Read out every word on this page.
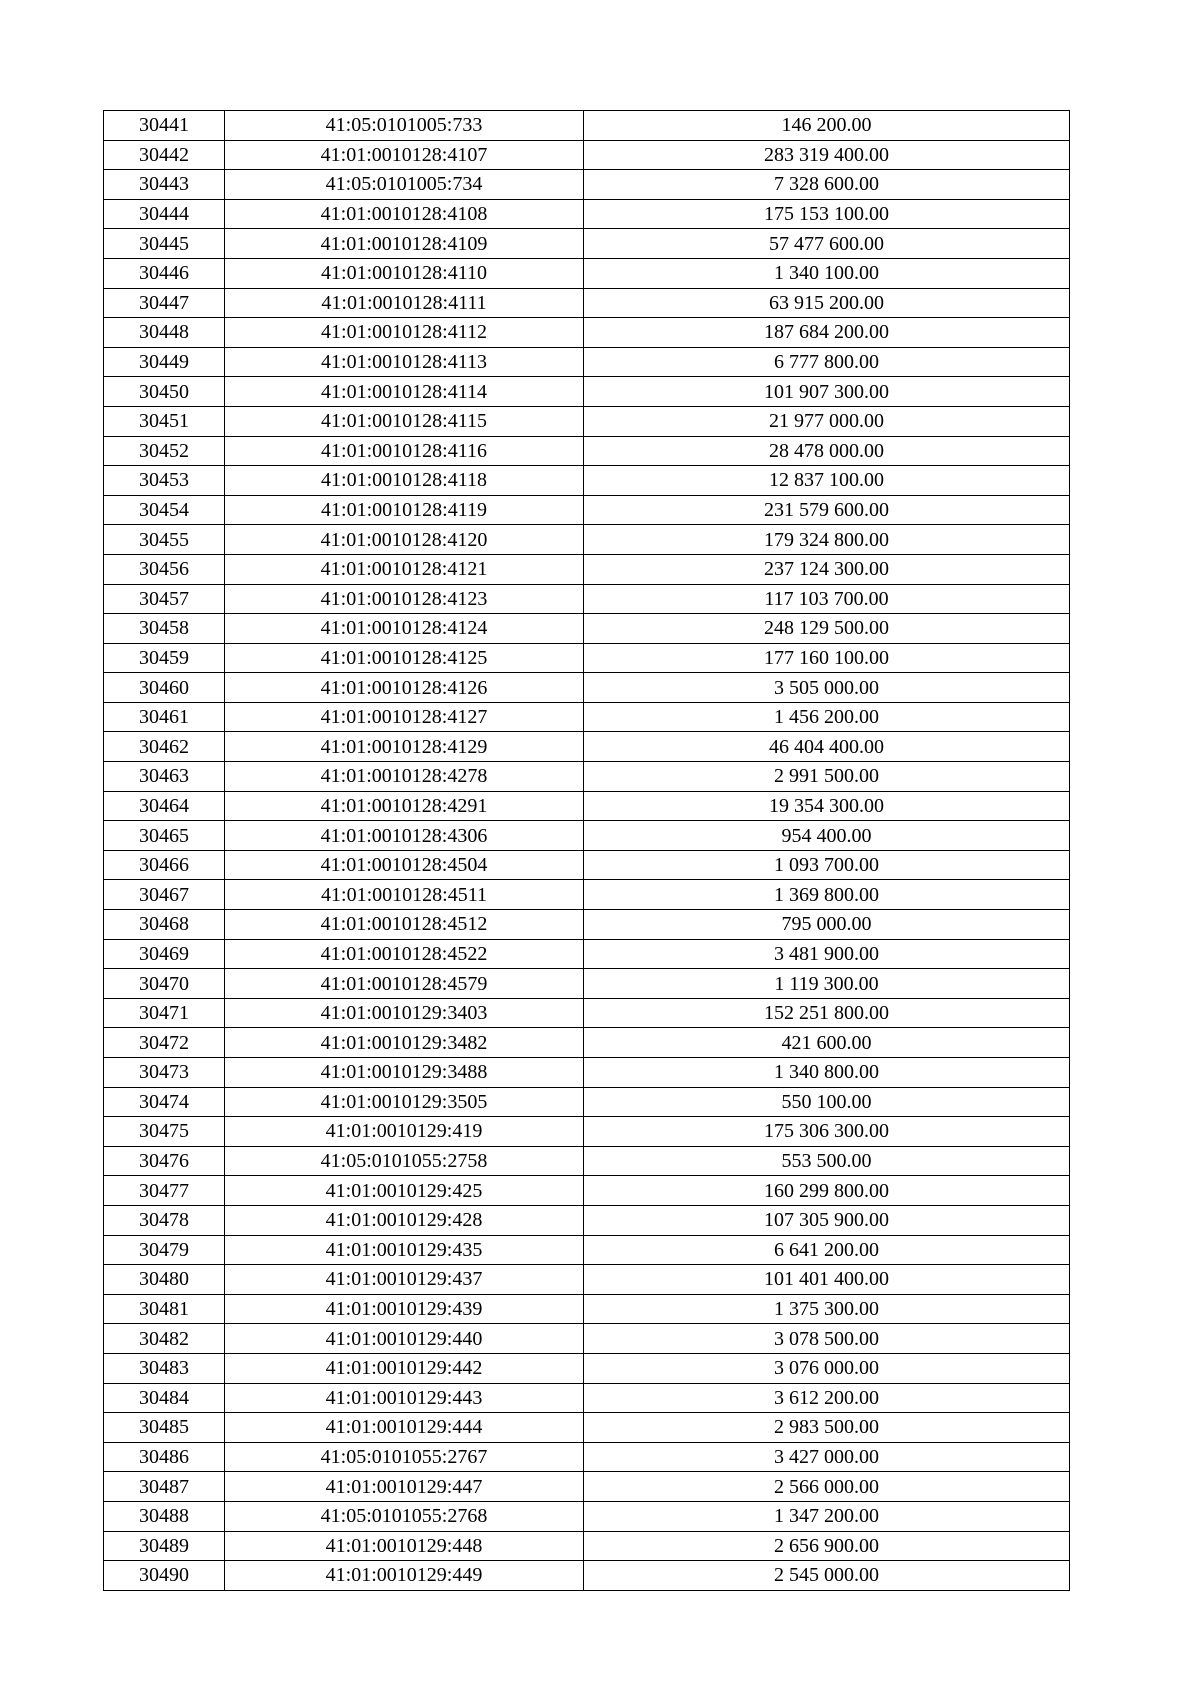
30441	41:05:0101005:733	146 200.00
30442	41:01:0010128:4107	283 319 400.00
30443	41:05:0101005:734	7 328 600.00
30444	41:01:0010128:4108	175 153 100.00
30445	41:01:0010128:4109	57 477 600.00
30446	41:01:0010128:4110	1 340 100.00
30447	41:01:0010128:4111	63 915 200.00
30448	41:01:0010128:4112	187 684 200.00
30449	41:01:0010128:4113	6 777 800.00
30450	41:01:0010128:4114	101 907 300.00
30451	41:01:0010128:4115	21 977 000.00
30452	41:01:0010128:4116	28 478 000.00
30453	41:01:0010128:4118	12 837 100.00
30454	41:01:0010128:4119	231 579 600.00
30455	41:01:0010128:4120	179 324 800.00
30456	41:01:0010128:4121	237 124 300.00
30457	41:01:0010128:4123	117 103 700.00
30458	41:01:0010128:4124	248 129 500.00
30459	41:01:0010128:4125	177 160 100.00
30460	41:01:0010128:4126	3 505 000.00
30461	41:01:0010128:4127	1 456 200.00
30462	41:01:0010128:4129	46 404 400.00
30463	41:01:0010128:4278	2 991 500.00
30464	41:01:0010128:4291	19 354 300.00
30465	41:01:0010128:4306	954 400.00
30466	41:01:0010128:4504	1 093 700.00
30467	41:01:0010128:4511	1 369 800.00
30468	41:01:0010128:4512	795 000.00
30469	41:01:0010128:4522	3 481 900.00
30470	41:01:0010128:4579	1 119 300.00
30471	41:01:0010129:3403	152 251 800.00
30472	41:01:0010129:3482	421 600.00
30473	41:01:0010129:3488	1 340 800.00
30474	41:01:0010129:3505	550 100.00
30475	41:01:0010129:419	175 306 300.00
30476	41:05:0101055:2758	553 500.00
30477	41:01:0010129:425	160 299 800.00
30478	41:01:0010129:428	107 305 900.00
30479	41:01:0010129:435	6 641 200.00
30480	41:01:0010129:437	101 401 400.00
30481	41:01:0010129:439	1 375 300.00
30482	41:01:0010129:440	3 078 500.00
30483	41:01:0010129:442	3 076 000.00
30484	41:01:0010129:443	3 612 200.00
30485	41:01:0010129:444	2 983 500.00
30486	41:05:0101055:2767	3 427 000.00
30487	41:01:0010129:447	2 566 000.00
30488	41:05:0101055:2768	1 347 200.00
30489	41:01:0010129:448	2 656 900.00
30490	41:01:0010129:449	2 545 000.00
